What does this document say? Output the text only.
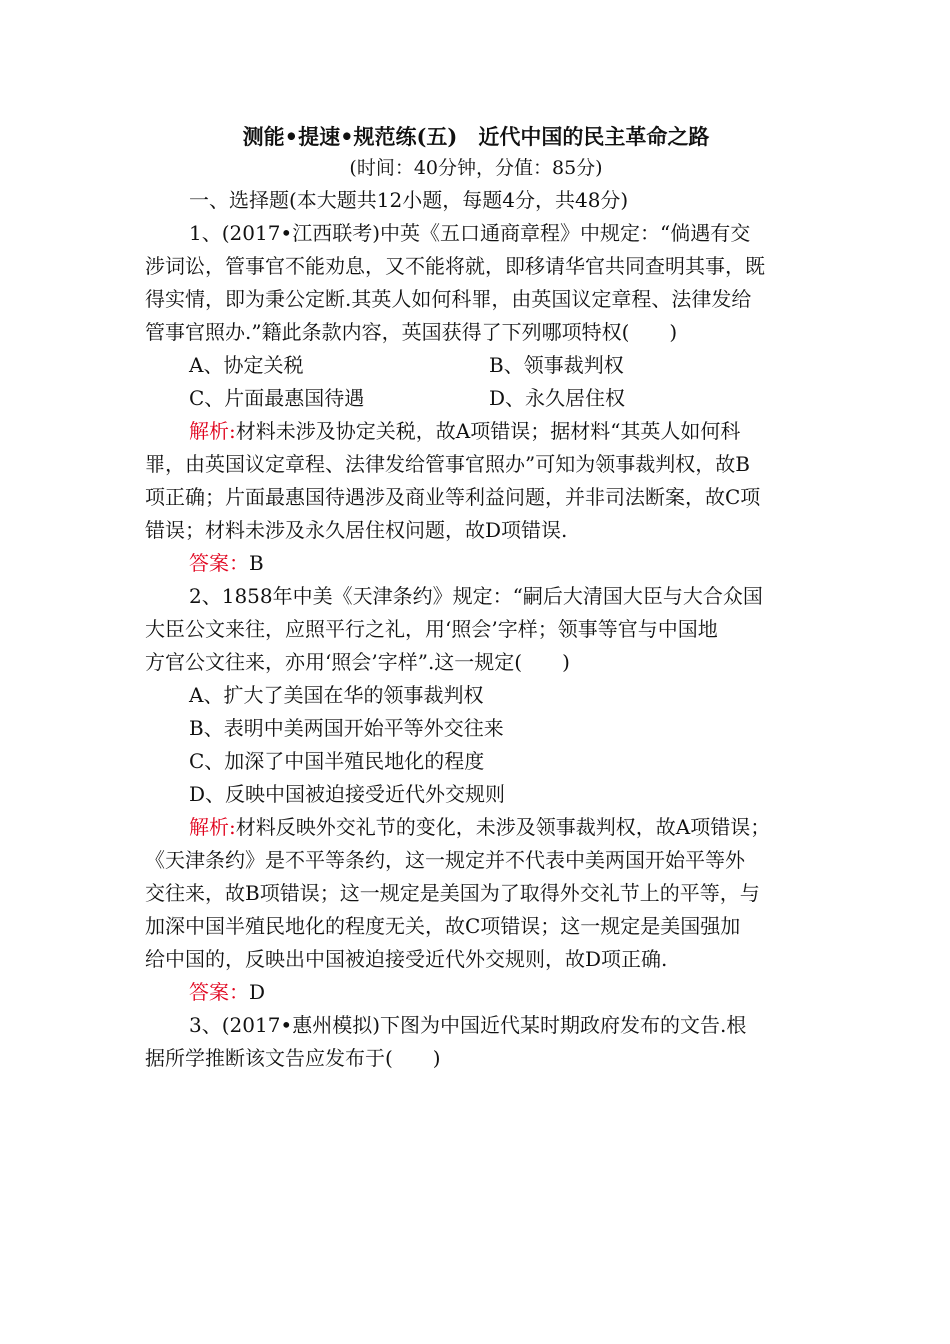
测能•提速•规范练(五)　近代中国的民主革命之路
(时间：40分钟，分值：85分)
一、选择题(本大题共12小题，每题4分，共48分)
1、(2017•江西联考)中英《五口通商章程》中规定：“倘遇有交
涉词讼，管事官不能劝息，又不能将就，即移请华官共同查明其事，既
得实情，即为秉公定断.其英人如何科罪，由英国议定章程、法律发给
管事官照办.”籍此条款内容，英国获得了下列哪项特权(　　)
A、协定关税	B、领事裁判权
C、片面最惠国待遇	D、永久居住权
解析:材料未涉及协定关税，故A项错误；据材料“其英人如何科
罪，由英国议定章程、法律发给管事官照办”可知为领事裁判权，故B
项正确；片面最惠国待遇涉及商业等利益问题，并非司法断案，故C项
错误；材料未涉及永久居住权问题，故D项错误.
答案：B
2、1858年中美《天津条约》规定：“嗣后大清国大臣与大合众国
大臣公文来往，应照平行之礼，用‘照会’字样；领事等官与中国地
方官公文往来，亦用‘照会’字样”.这一规定(　　)
A、扩大了美国在华的领事裁判权
B、表明中美两国开始平等外交往来
C、加深了中国半殖民地化的程度
D、反映中国被迫接受近代外交规则
解析:材料反映外交礼节的变化，未涉及领事裁判权，故A项错误；
《天津条约》是不平等条约，这一规定并不代表中美两国开始平等外
交往来，故B项错误；这一规定是美国为了取得外交礼节上的平等，与
加深中国半殖民地化的程度无关，故C项错误；这一规定是美国强加
给中国的，反映出中国被迫接受近代外交规则，故D项正确.
答案：D
3、(2017•惠州模拟)下图为中国近代某时期政府发布的文告.根
据所学推断该文告应发布于(　　)
